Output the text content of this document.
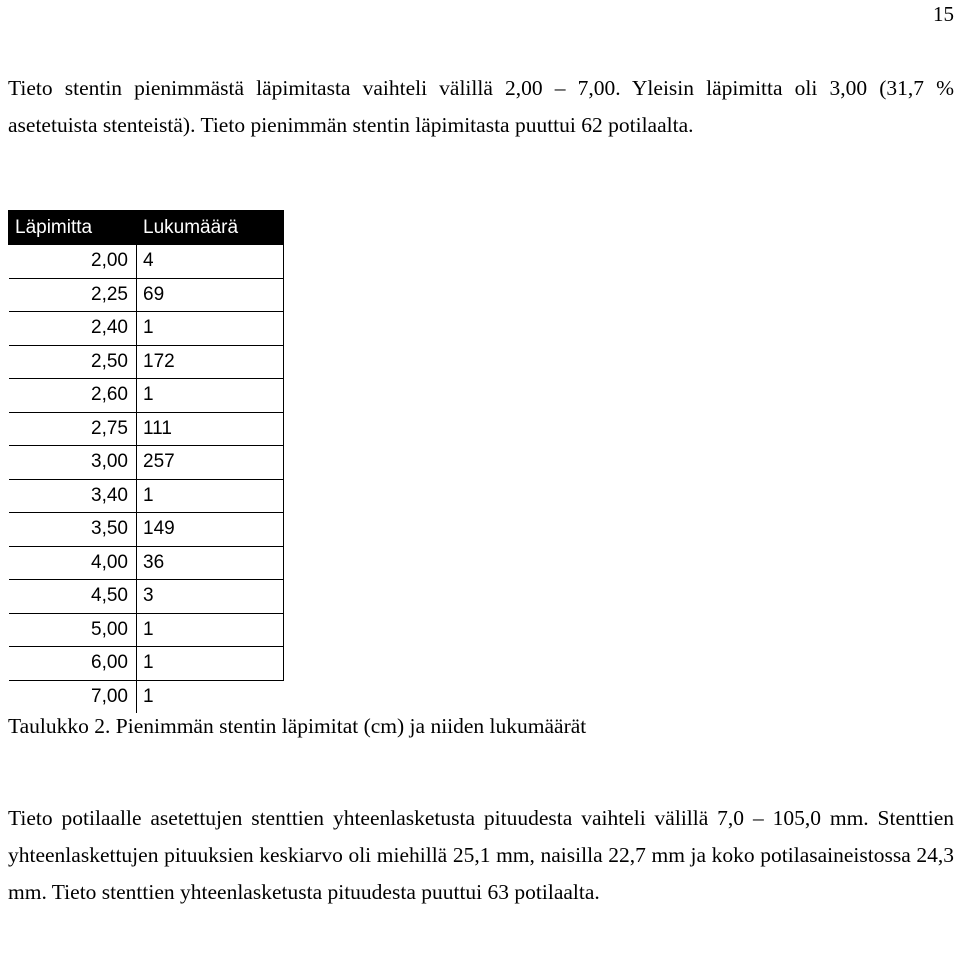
15

Tieto stentin pienimmästä läpimitasta vaihteli välillä 2,00 – 7,00. Yleisin läpimitta oli 3,00 (31,7 % asetetuista stenteistä). Tieto pienimmän stentin läpimitasta puuttui 62 potilaalta.

Läpimitta	Lukumäärä
2,00	4
2,25	69
2,40	1
2,50	172
2,60	1
2,75	111
3,00	257
3,40	1
3,50	149
4,00	36
4,50	3
5,00	1
6,00	1
7,00	1
Taulukko 2. Pienimmän stentin läpimitat (cm) ja niiden lukumäärät

Tieto potilaalle asetettujen stenttien yhteenlasketusta pituudesta vaihteli välillä 7,0 – 105,0 mm. Stenttien yhteenlaskettujen pituuksien keskiarvo oli miehillä 25,1 mm, naisilla 22,7 mm ja koko potilasaineistossa 24,3 mm. Tieto stenttien yhteenlasketusta pituudesta puuttui 63 potilaalta.
